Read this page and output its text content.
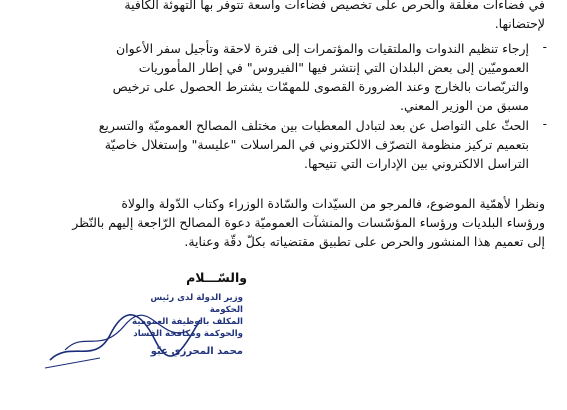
في فضاءات مغلقة والحرص على تخصيص فضاءات واسعة تتوفر بها التهوئة الكافية
لإحتضانها.

-

إرجاء تنظيم الندوات والملتقيات والمؤتمرات إلى فترة لاحقة وتأجيل سفر الأعوان
العموميّين إلى بعض البلدان التي إنتشر فيها "الفيروس" في إطار المأموريات
والتربّصات بالخارج وعند الضرورة القصوى للمهمّات يشترط الحصول على ترخيص
مسبق من الوزير المعني.

-

الحثّ على التواصل عن بعد لتبادل المعطيات بين مختلف المصالح العموميّة والتسريع
بتعميم تركيز منظومة التصرّف الالكتروني في المراسلات "عليسة" وإستغلال خاصيّة
التراسل الالكتروني بين الإدارات التي تتيحها.

ونظرا لأهمّية الموضوع، فالمرجو من السيّدات والسّادة الوزراء وكتاب الدّولة والولاة
ورؤساء البلديات ورؤساء المؤسّسات والمنشآت العموميّة دعوة المصالح الرّاجعة إليهم بالنّظر
إلى تعميم هذا المنشور والحرص على تطبيق مقتضياته بكلّ دقّة وعناية.

والسّـــلام
وزير الدولة لدى رئيس الحكومة
المكلف بالوظيفة العمومية
والحوكمة ومكافحة الفساد
محمد المحرزي عبّو
